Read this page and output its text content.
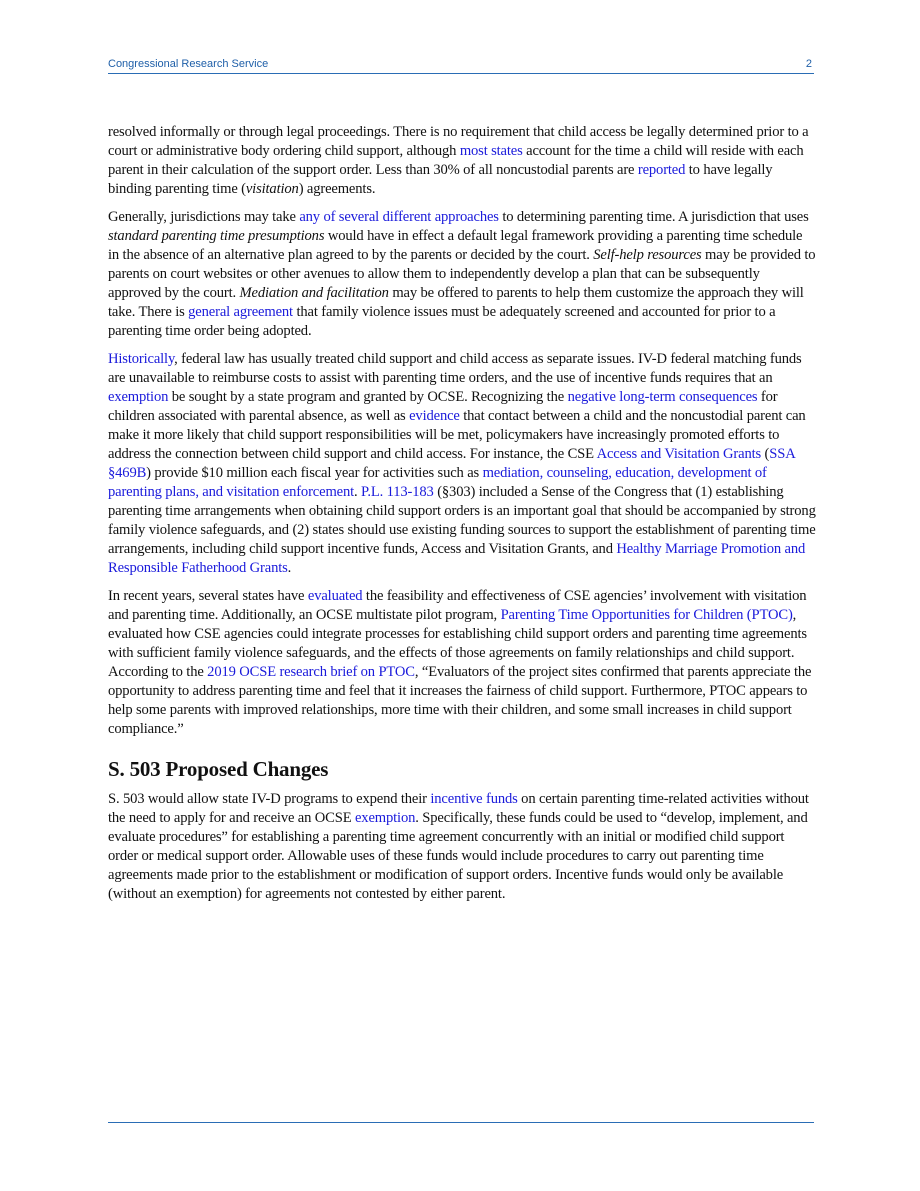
Congressional Research Service	2

resolved informally or through legal proceedings. There is no requirement that child access be legally determined prior to a court or administrative body ordering child support, although most states account for the time a child will reside with each parent in their calculation of the support order. Less than 30% of all noncustodial parents are reported to have legally binding parenting time (visitation) agreements.

Generally, jurisdictions may take any of several different approaches to determining parenting time. A jurisdiction that uses standard parenting time presumptions would have in effect a default legal framework providing a parenting time schedule in the absence of an alternative plan agreed to by the parents or decided by the court. Self-help resources may be provided to parents on court websites or other avenues to allow them to independently develop a plan that can be subsequently approved by the court. Mediation and facilitation may be offered to parents to help them customize the approach they will take. There is general agreement that family violence issues must be adequately screened and accounted for prior to a parenting time order being adopted.

Historically, federal law has usually treated child support and child access as separate issues. IV-D federal matching funds are unavailable to reimburse costs to assist with parenting time orders, and the use of incentive funds requires that an exemption be sought by a state program and granted by OCSE. Recognizing the negative long-term consequences for children associated with parental absence, as well as evidence that contact between a child and the noncustodial parent can make it more likely that child support responsibilities will be met, policymakers have increasingly promoted efforts to address the connection between child support and child access. For instance, the CSE Access and Visitation Grants (SSA §469B) provide $10 million each fiscal year for activities such as mediation, counseling, education, development of parenting plans, and visitation enforcement. P.L. 113-183 (§303) included a Sense of the Congress that (1) establishing parenting time arrangements when obtaining child support orders is an important goal that should be accompanied by strong family violence safeguards, and (2) states should use existing funding sources to support the establishment of parenting time arrangements, including child support incentive funds, Access and Visitation Grants, and Healthy Marriage Promotion and Responsible Fatherhood Grants.

In recent years, several states have evaluated the feasibility and effectiveness of CSE agencies’ involvement with visitation and parenting time. Additionally, an OCSE multistate pilot program, Parenting Time Opportunities for Children (PTOC), evaluated how CSE agencies could integrate processes for establishing child support orders and parenting time agreements with sufficient family violence safeguards, and the effects of those agreements on family relationships and child support. According to the 2019 OCSE research brief on PTOC, “Evaluators of the project sites confirmed that parents appreciate the opportunity to address parenting time and feel that it increases the fairness of child support. Furthermore, PTOC appears to help some parents with improved relationships, more time with their children, and some small increases in child support compliance.”

S. 503 Proposed Changes

S. 503 would allow state IV-D programs to expend their incentive funds on certain parenting time-related activities without the need to apply for and receive an OCSE exemption. Specifically, these funds could be used to “develop, implement, and evaluate procedures” for establishing a parenting time agreement concurrently with an initial or modified child support order or medical support order. Allowable uses of these funds would include procedures to carry out parenting time agreements made prior to the establishment or modification of support orders. Incentive funds would only be available (without an exemption) for agreements not contested by either parent.
